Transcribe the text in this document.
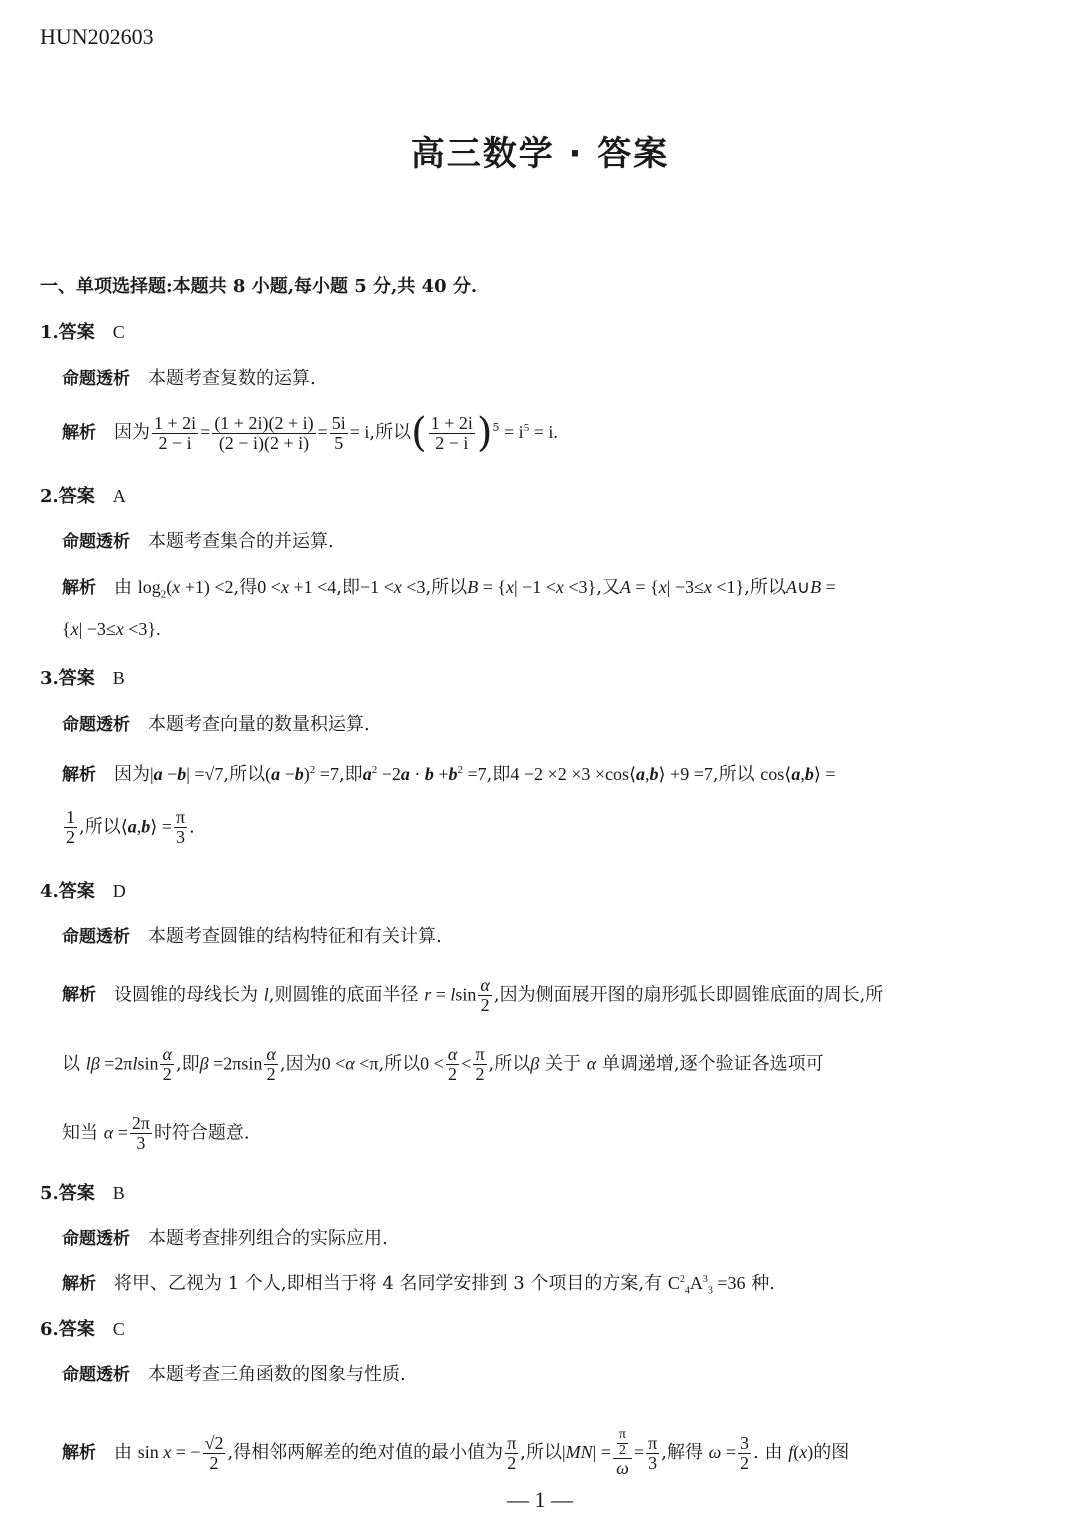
HUN202603
高三数学 · 答案
一、单项选择题:本题共 8 小题,每小题 5 分,共 40 分.
1.答案 C
命题透析 本题考查复数的运算.
解析 因为 $\frac{1 + 2i}{2 - i} = \frac{(1 + 2i)(2 + i)}{(2 - i)(2 + i)} = \frac{5i}{5} = i$,所以( $\frac{1 + 2i}{2 - i} )^5 = i^5 = i$.
2.答案 A
命题透析 本题考查集合的并运算.
解析 由 $\log_2(x +1) <2$,得0 <x +1 <4,即−1 <x <3,所以B = {x| −1 <x <3},又A = {x| −3≤x <1},所以A∪B =
{x| −3≤x <3}.
3.答案 B
命题透析 本题考查向量的数量积运算.
解析 因为|a −b| =√7,所以$(a -b)^2 =7$,即$a^2 -2a \cdot b +b^2 =7$,即4 −2 ×2 ×3 ×cos⟨a,b⟩ +9 =7,所以 cos⟨a,b⟩ =
$\frac{1}{2}$ ,所以⟨a,b⟩ = $\frac{\pi}{3}$ .
4.答案 D
命题透析 本题考查圆锥的结构特征和有关计算.
解析 设圆锥的母线长为 l,则圆锥的底面半径 r = lsin $\frac{\alpha}{2}$ ,因为侧面展开图的扇形弧长即圆锥底面的周长,所
以 $l\beta =2\pi lsin \frac{\alpha}{2}$ ,即$\beta =2\pi\sin \frac{\alpha}{2}$ ,因为0 <α <π,所以$0 < \frac{\alpha}{2} < \frac{\pi}{2}$ ,所以β 关于 α 单调递增,逐个验证各选项可
知当 $\alpha = \frac{2\pi}{3}$ 时符合题意.
5.答案 B
命题透析 本题考查排列组合的实际应用.
解析 将甲、乙视为 1 个人,即相当于将 4 名同学安排到 3 个项目的方案,有 $C^2_4A^3_3 =36$ 种.
6.答案 C
命题透析 本题考查三角函数的图象与性质.
解析 由 sin x = − $\frac{√2}{2}$ ,得相邻两解差的绝对值的最小值为 $\frac{\pi}{2}$ ,所以$|MN| = \frac{\frac{\pi}{2}}{\omega} = \frac{\pi}{3}$ ,解得 $\omega = \frac{3}{2}$ . 由 f(x)的图
— 1 —
